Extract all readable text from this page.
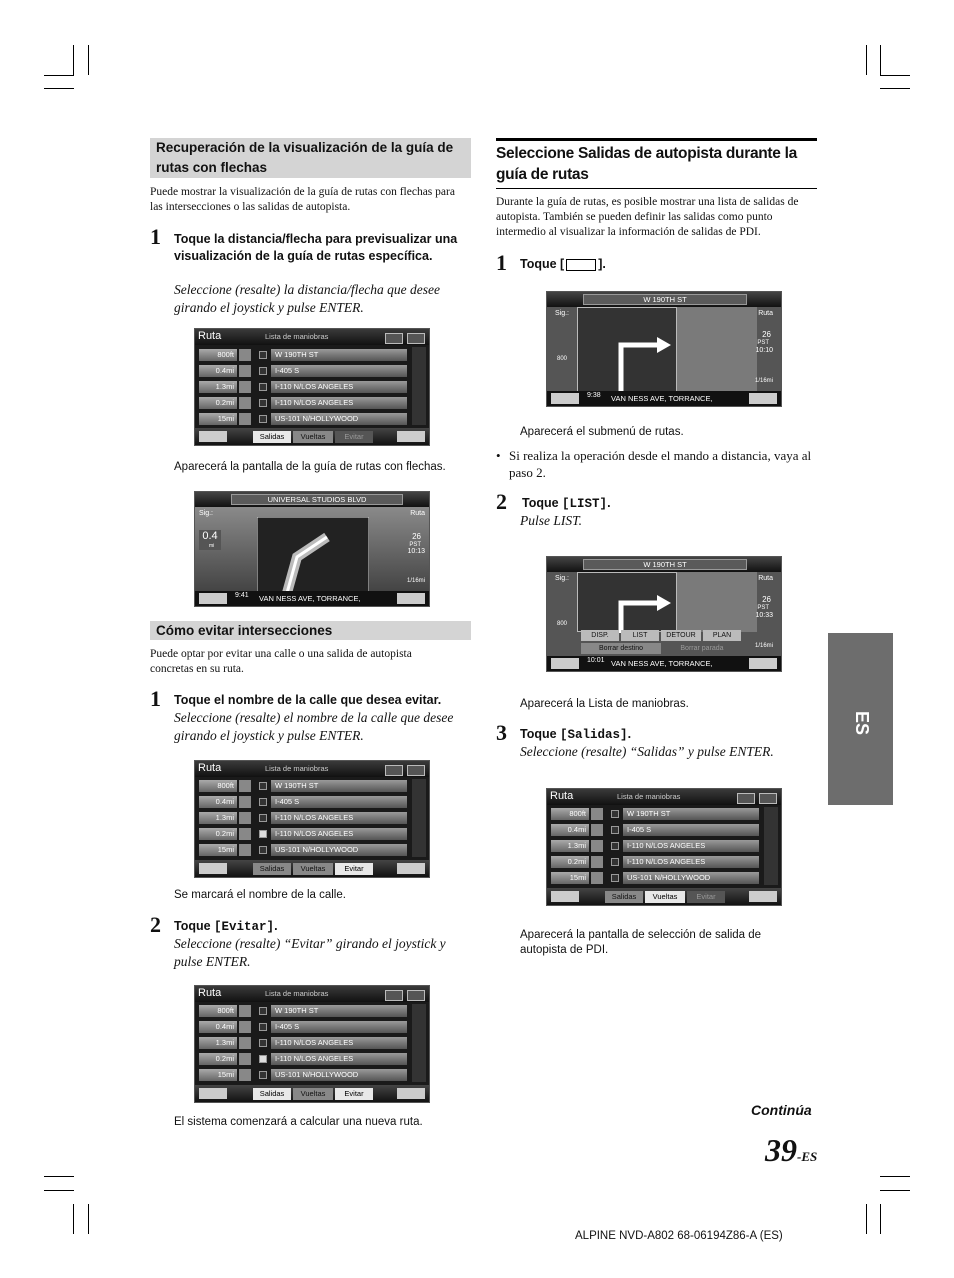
Recuperación de la visualización de la guía de rutas con flechas
Puede mostrar la visualización de la guía de rutas con flechas para las intersecciones o las salidas de autopista.
1 Toque la distancia/flecha para previsualizar una visualización de la guía de rutas específica.
Seleccione (resalte) la distancia/flecha que desee girando el joystick y pulse ENTER.
Ruta	Lista de maniobras
800ft	W 190TH ST
0.4mi	I-405 S
1.3mi	I-110 N/LOS ANGELES
0.2mi	I-110 N/LOS ANGELES
15mi	US-101 N/HOLLYWOOD
Salidas	Vueltas	Evitar
Aparecerá la pantalla de la guía de rutas con flechas.
UNIVERSAL STUDIOS BLVD
Sig.:
0.4
mi
Ruta
26
PST
10:13
1/16mi
9:41 VAN NESS AVE, TORRANCE,
Cómo evitar intersecciones
Puede optar por evitar una calle o una salida de autopista concretas en su ruta.
1 Toque el nombre de la calle que desea evitar.
Seleccione (resalte) el nombre de la calle que desee girando el joystick y pulse ENTER.
Ruta	Lista de maniobras
800ft	W 190TH ST
0.4mi	I-405 S
1.3mi	I-110 N/LOS ANGELES
0.2mi	I-110 N/LOS ANGELES
15mi	US-101 N/HOLLYWOOD
Salidas	Vueltas	Evitar
Se marcará el nombre de la calle.
2 Toque [Evitar].
Seleccione (resalte) “Evitar” girando el joystick y pulse ENTER.
Ruta	Lista de maniobras
800ft	W 190TH ST
0.4mi	I-405 S
1.3mi	I-110 N/LOS ANGELES
0.2mi	I-110 N/LOS ANGELES
15mi	US-101 N/HOLLYWOOD
Salidas	Vueltas	Evitar
El sistema comenzará a calcular una nueva ruta.
Seleccione Salidas de autopista durante la guía de rutas
Durante la guía de rutas, es posible mostrar una lista de salidas de autopista. También se pueden definir las salidas como punto intermedio al visualizar la información de salidas de PDI.
1 Toque [	].
W 190TH ST
Sig.:
800
Ruta
26
PST
10:10
1/16mi
9:38 VAN NESS AVE, TORRANCE,
Aparecerá el submenú de rutas.
• Si realiza la operación desde el mando a distancia, vaya al paso 2.
2 Toque [LIST].
Pulse LIST.
W 190TH ST
Sig.:
800
Ruta
26
PST
10:33
1/16mi
DISP.	LIST	DETOUR	PLAN
Borrar destino	Borrar parada
10:01 VAN NESS AVE, TORRANCE,
Aparecerá la Lista de maniobras.
3 Toque [Salidas].
Seleccione (resalte) “Salidas” y pulse ENTER.
Ruta	Lista de maniobras
800ft	W 190TH ST
0.4mi	I-405 S
1.3mi	I-110 N/LOS ANGELES
0.2mi	I-110 N/LOS ANGELES
15mi	US-101 N/HOLLYWOOD
Salidas	Vueltas	Evitar
Aparecerá la pantalla de selección de salida de autopista de PDI.
ES
Continúa
39-ES
ALPINE NVD-A802 68-06194Z86-A (ES)
